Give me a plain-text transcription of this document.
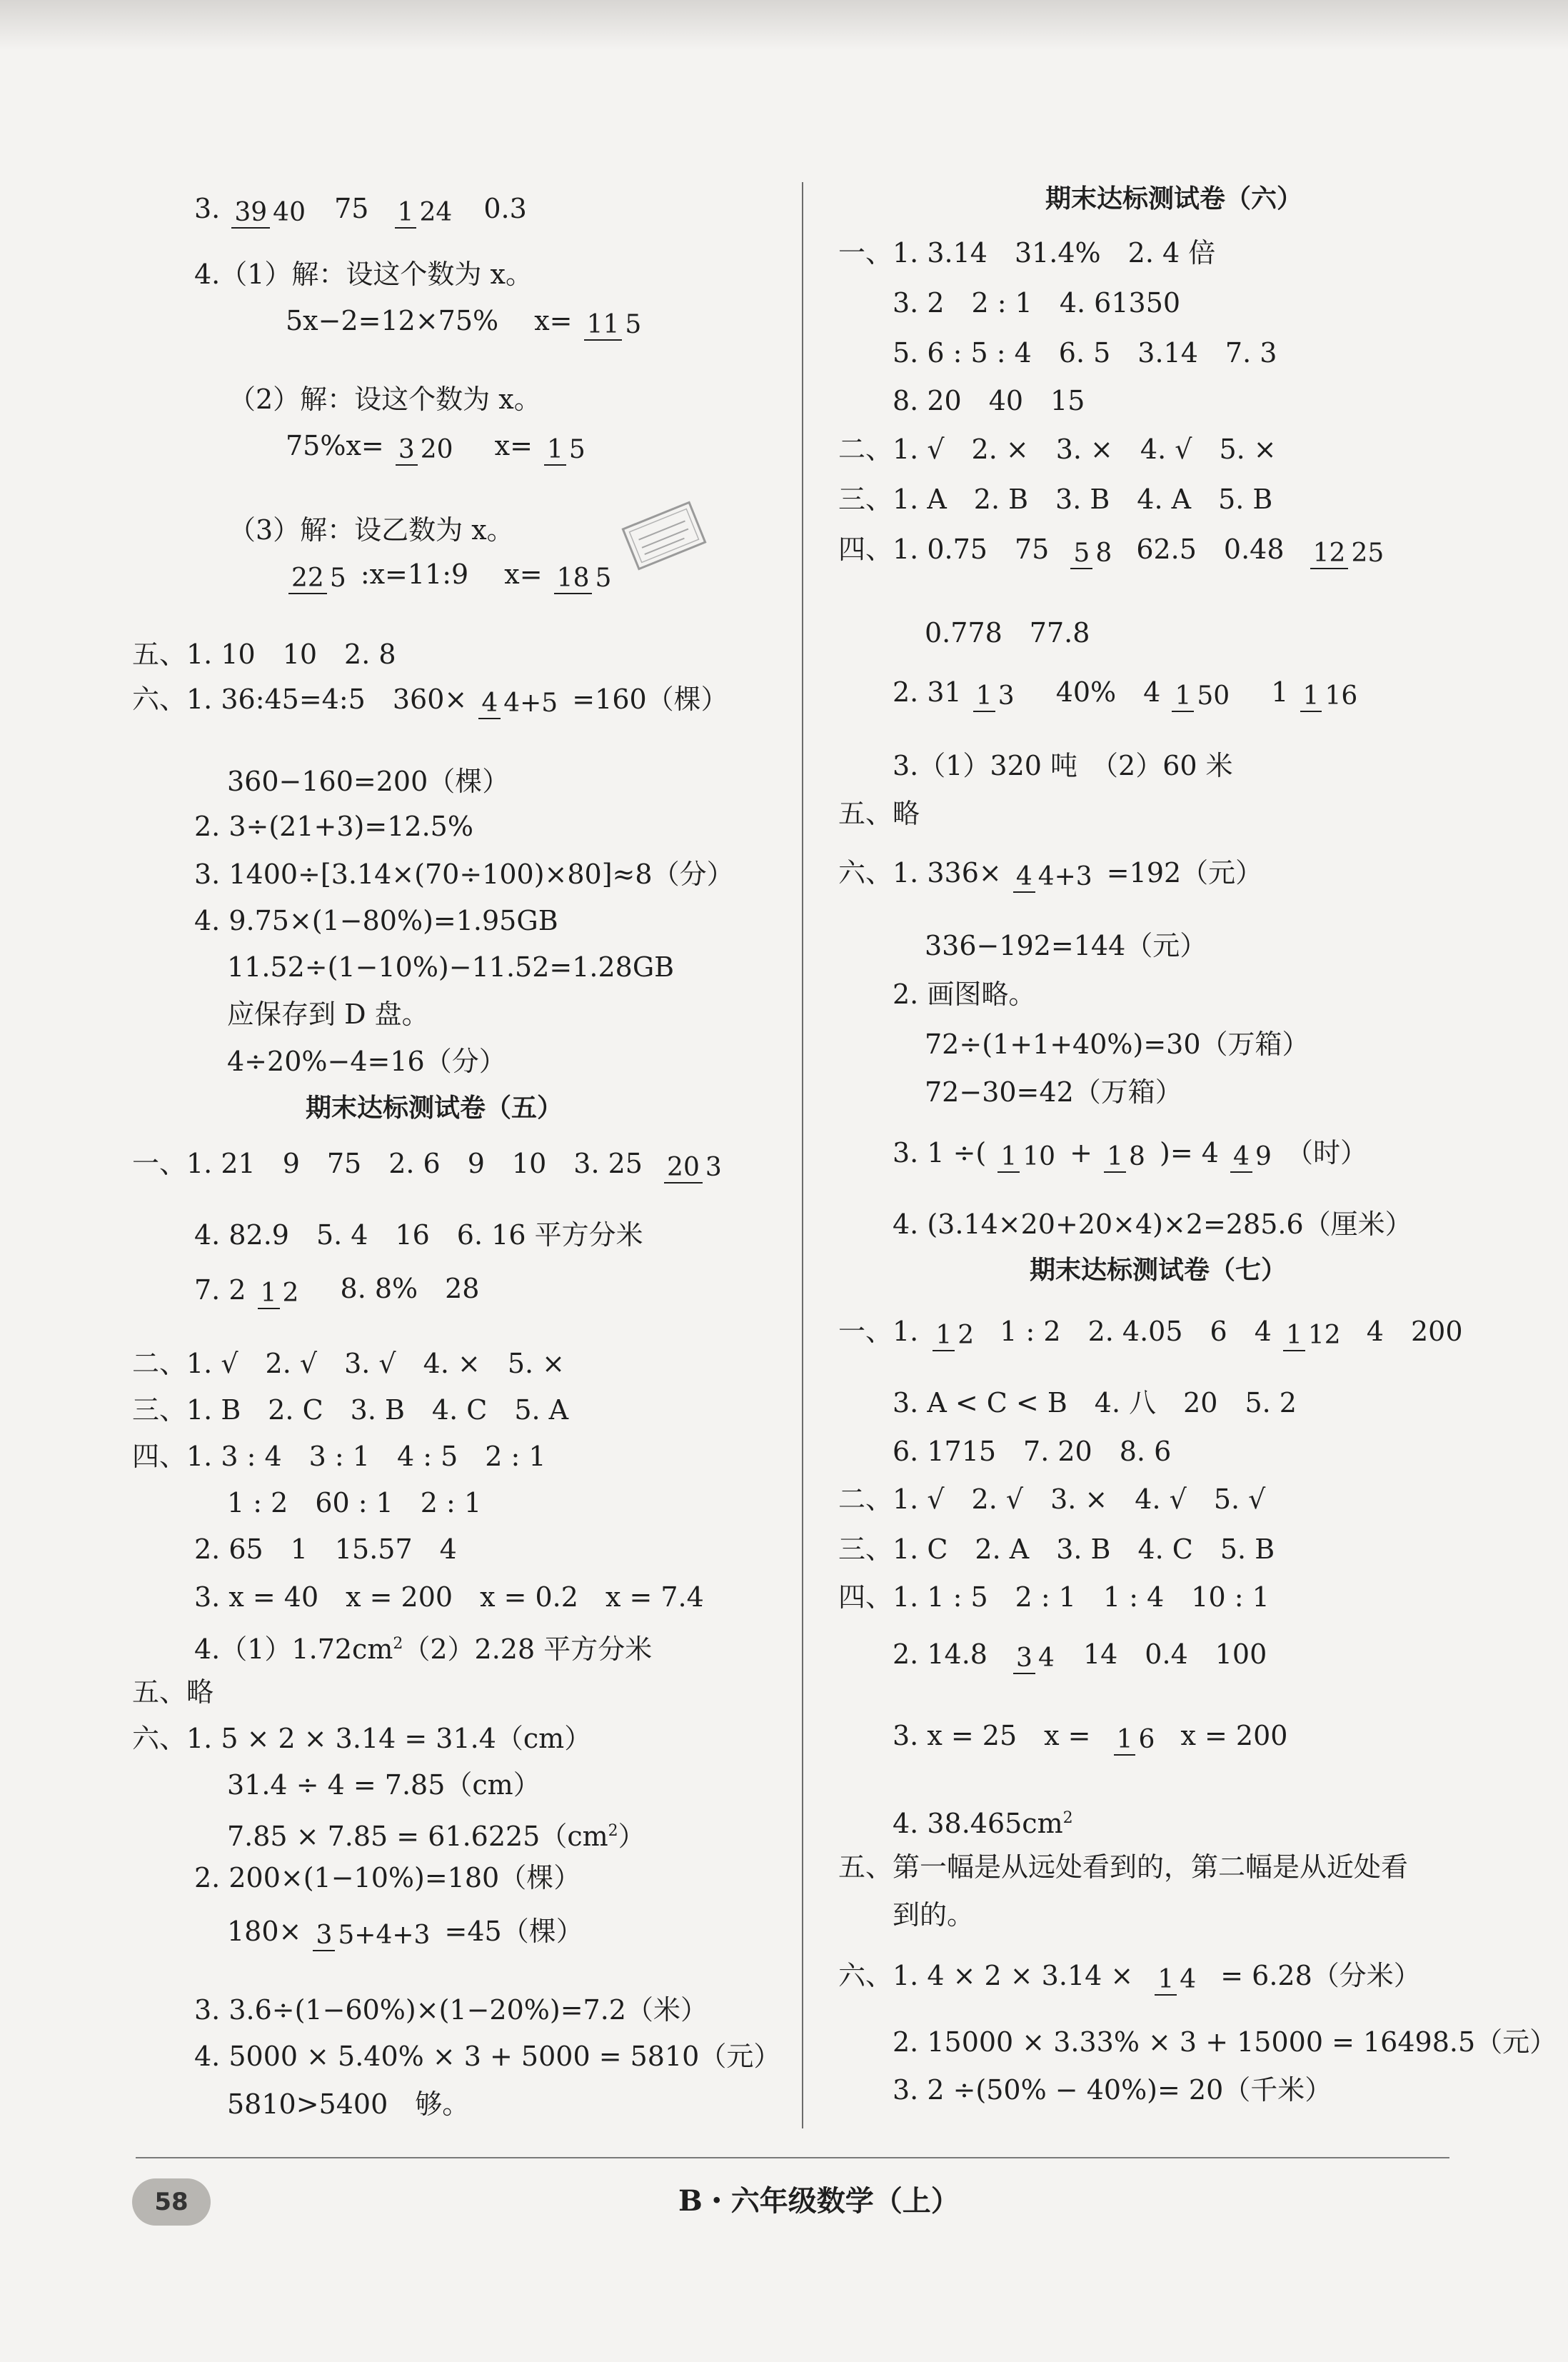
3. 39 40 75 1 24 0.3
4.（1）解：设这个数为 x。
5x−2=12×75%　 x= 11 5
（2）解：设这个数为 x。
75%x= 3 20 　x= 1 5
（3）解：设乙数为 x。
22 5 :x=11:9　 x= 18 5
五、1. 10　10　2. 8
六、1. 36:45=4:5　360× 4 4+5 =160（棵）
360−160=200（棵）
2. 3÷(21+3)=12.5%
3. 1400÷[3.14×(70÷100)×80]≈8（分）
4. 9.75×(1−80%)=1.95GB
11.52÷(1−10%)−11.52=1.28GB
应保存到 D 盘。
4÷20%−4=16（分）
期末达标测试卷（五）
一、1. 21　9　75　2. 6　9　10　3. 25 20 3
4. 82.9　5. 4　16　6. 16 平方分米
7. 2 1 2 　8. 8%　28
二、1. √　2. √　3. √　4. ×　5. ×
三、1. B　2. C　3. B　4. C　5. A
四、1. 3 : 4　3 : 1　4 : 5　2 : 1
1 : 2　60 : 1　2 : 1
2. 65　1　15.57　4
3. x = 40　x = 200　x = 0.2　x = 7.4
$4.(1)1.72cm^2(2)2.28$ 平方分米
五、略
六、1. 5 × 2 × 3.14 = 31.4（cm）
31.4 ÷ 4 = 7.85（cm）
$7.85 \times 7.85 = 61.6225(cm^2)$
2. 200×(1−10%)=180（棵）
180× 3 5+4+3 =45（棵）
3. 3.6÷(1−60%)×(1−20%)=7.2（米）
4. 5000 × 5.40% × 3 + 5000 = 5810（元）
5810>5400　够。
期末达标测试卷（六）
一、1. 3.14　31.4%　2. 4 倍
3. 2　2 : 1　4. 61350
5. 6 : 5 : 4　6. 5　3.14　7. 3
8. 20　40　15
二、1. √　2. ×　3. ×　4. √　5. ×
三、1. A　2. B　3. B　4. A　5. B
四、1. 0.75　75 5 8 62.5　0.48 12 25
0.778　77.8
2. 31 1 3 　40%　4 1 50 　1 1 16
3.（1）320 吨　（2）60 米
五、略
六、1. 336× 4 4+3 =192（元）
336−192=144（元）
2. 画图略。
72÷(1+1+40%)=30（万箱）
72−30=42（万箱）
3. 1 ÷( 1 10 + 1 8 )= 4 4 9 （时）
4. (3.14×20+20×4)×2=285.6（厘米）
期末达标测试卷（七）
一、1. 1 2 1 : 2　2. 4.05　6　4 1 12 4　200
3. A < C < B　4. 八　20　5. 2
6. 1715　7. 20　8. 6
二、1. √　2. √　3. ×　4. √　5. √
三、1. C　2. A　3. B　4. C　5. B
四、1. 1 : 5　2 : 1　1 : 4　10 : 1
2. 14.8 3 4 14　0.4　100
3. x = 25　x = 1 6 x = 200
4. $38.465cm^2$
五、第一幅是从远处看到的，第二幅是从近处看
到的。
六、1. 4 × 2 × 3.14 × 1 4 = 6.28（分米）
2. 15000 × 3.33% × 3 + 15000 = 16498.5（元）
3. 2 ÷(50% − 40%)= 20（千米）
58	B・六年级数学（上）
